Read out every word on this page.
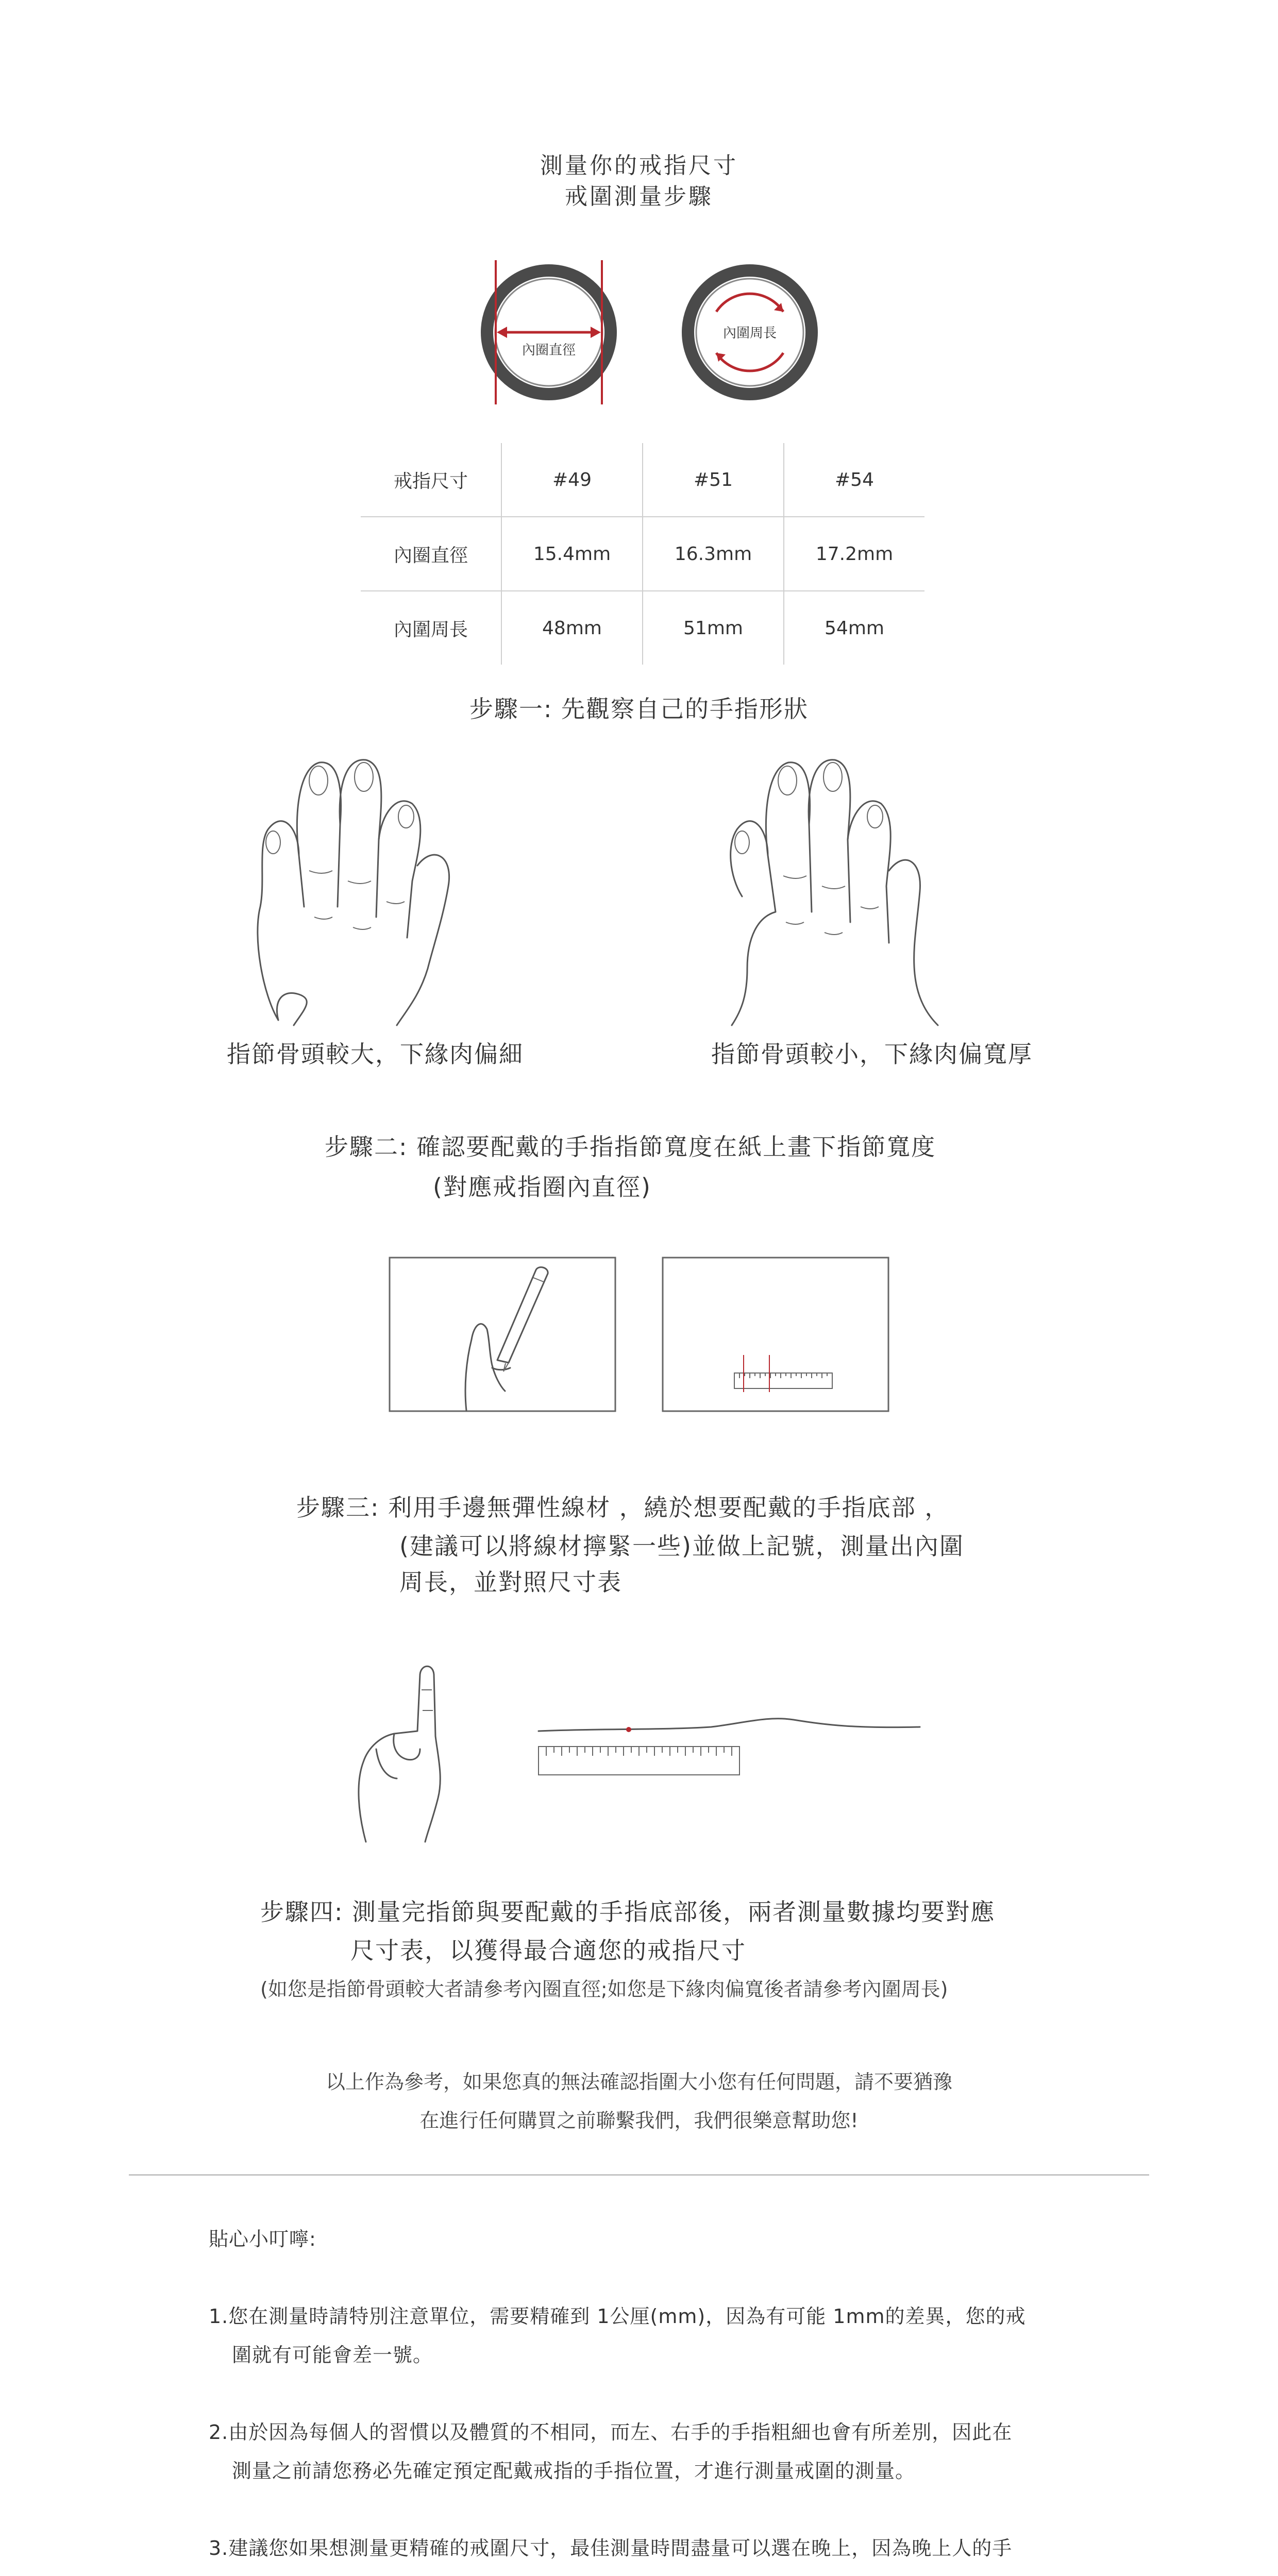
測量你的戒指尺寸
戒圍測量步驟
內圈直徑
內圍周長
戒指尺寸	#49	#51	#54
內圈直徑	15.4mm	16.3mm	17.2mm
內圍周長	48mm	51mm	54mm
步驟一: 先觀察自己的手指形狀
指節骨頭較大，下緣肉偏細	指節骨頭較小，下緣肉偏寬厚
步驟二: 確認要配戴的手指指節寬度在紙上畫下指節寬度
(對應戒指圈內直徑)
步驟三: 利用手邊無彈性線材 ，繞於想要配戴的手指底部 ，
(建議可以將線材擰緊一些)並做上記號，測量出內圍
周長，並對照尺寸表
步驟四: 測量完指節與要配戴的手指底部後，兩者測量數據均要對應
尺寸表，以獲得最合適您的戒指尺寸
(如您是指節骨頭較大者請參考內圈直徑;如您是下緣肉偏寬後者請參考內圍周長)
以上作為參考，如果您真的無法確認指圍大小您有任何問題，請不要猶豫
在進行任何購買之前聯繫我們，我們很樂意幫助您!
貼心小叮嚀:
1.您在測量時請特別注意單位，需要精確到 1公厘(mm)，因為有可能 1mm的差異，您的戒
圍就有可能會差一號。
2.由於因為每個人的習慣以及體質的不相同，而左、右手的手指粗細也會有所差別，因此在
測量之前請您務必先確定預定配戴戒指的手指位置，才進行測量戒圍的測量。
3.建議您如果想測量更精確的戒圍尺寸，最佳測量時間盡量可以選在晚上，因為晚上人的手
